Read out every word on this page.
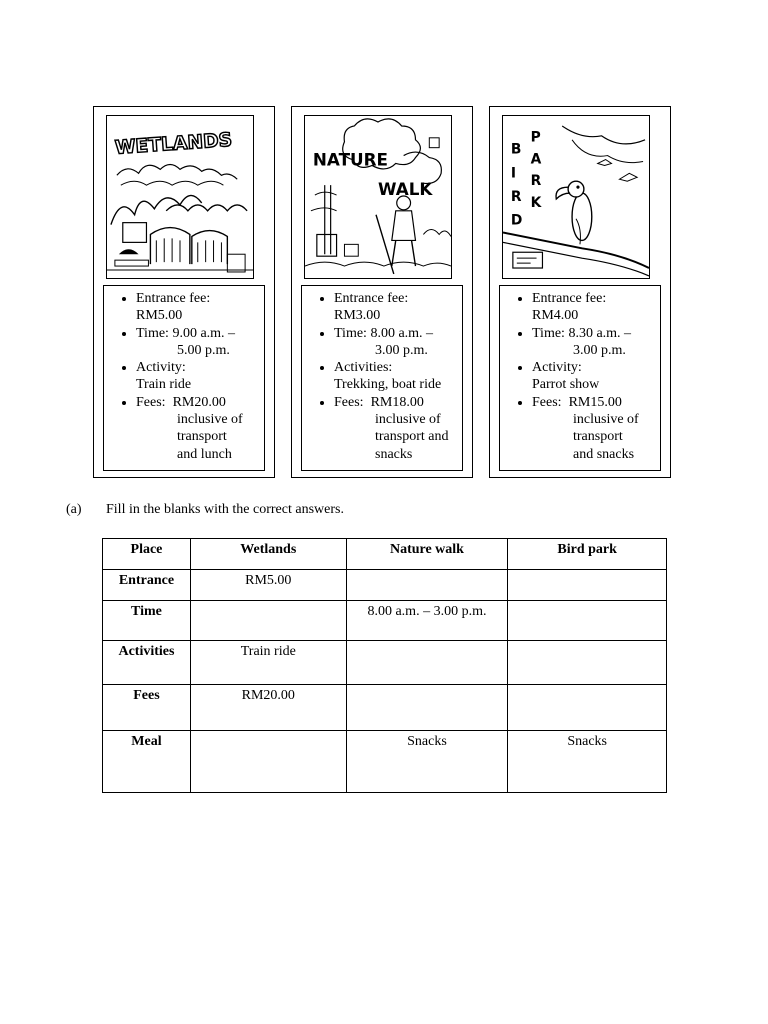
WETLANDS
• Entrance fee:
RM5.00
• Time: 9.00 a.m. –
5.00 p.m.
• Activity:
Train ride
• Fees: RM20.00
inclusive of
transport
and lunch
NATURE
WALK
• Entrance fee:
RM3.00
• Time: 8.00 a.m. –
3.00 p.m.
• Activities:
Trekking, boat ride
• Fees: RM18.00
inclusive of
transport and
snacks
B
I
R
D
P
A
R
K
• Entrance fee:
RM4.00
• Time: 8.30 a.m. –
3.00 p.m.
• Activity:
Parrot show
• Fees: RM15.00
inclusive of
transport
and snacks
(a) Fill in the blanks with the correct answers.
Place	Wetlands	Nature walk	Bird park
Entrance	RM5.00		
Time		8.00 a.m. – 3.00 p.m.	
Activities	Train ride		
Fees	RM20.00		
Meal		Snacks	Snacks
